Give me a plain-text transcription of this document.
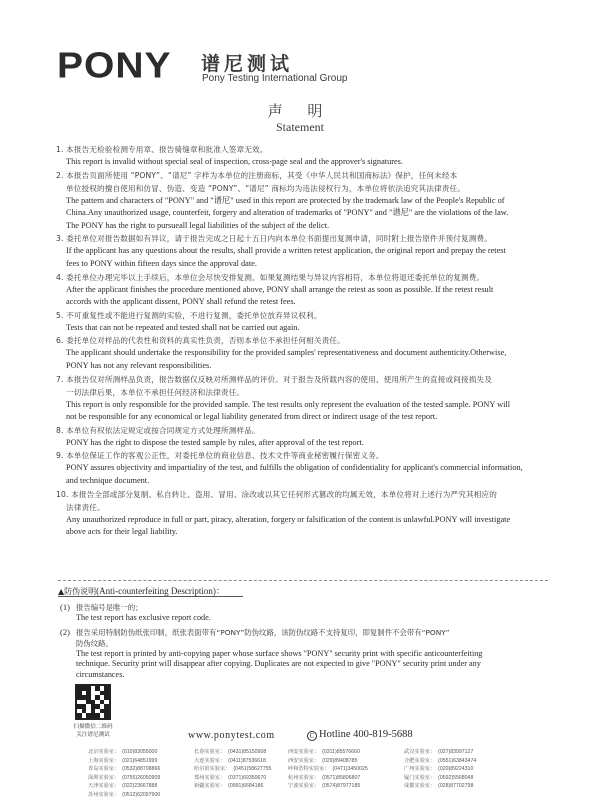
PONY 谱尼测试
Pony Testing International Group
声 明
Statement
1. 本报告无检验检测专用章、报告骑缝章和批准人签章无效。
This report is invalid without special seal of inspection, cross-page seal and the approver's signatures.
2. 本报告页面所使用 “PONY”、“谱尼” 字样为本单位的注册商标，其受《中华人民共和国商标法》保护，任何未经本
单位授权的擅自使用和仿冒、伪造、变造 “PONY”、“谱尼” 商标均为违法侵权行为，本单位将依法追究其法律责任。
The pattern and characters of "PONY" and "谱尼" used in this report are protected by the trademark law of the People's Republic of
China.Any unauthorized usage, counterfeit, forgery and alteration of trademarks of "PONY" and "谱尼" are the violations of the law.
The PONY has the right to pursueall legal liabilities of the subject of the delict.
3. 委托单位对报告数据如有异议，请于报告完成之日起十五日内向本单位书面提出复测申请，同时附上报告原件并预付复测费。
If the applicant has any questions about the results, shall provide a written retest application, the original report and prepay the retest
fees to PONY within fifteen days since the approval date.
4. 委托单位办理完毕以上手续后，本单位会尽快安排复测。如果复测结果与异议内容相符，本单位将退还委托单位的复测费。
After the applicant finishes the procedure mentioned above, PONY shall arrange the retest as soon as possible. If the retest result
accords with the applicant dissent, PONY shall refund the retest fees.
5. 不可重复性或不能进行复测的实验，不进行复测，委托单位放弃异议权利。
Tests that can not be repeated and tested shall not be carried out again.
6. 委托单位对样品的代表性和资料的真实性负责，否则本单位不承担任何相关责任。
The applicant should undertake the responsibility for the provided samples' representativeness and document authenticity.Otherwise,
PONY has not any relevant responsibilities.
7. 本报告仅对所测样品负责，报告数据仅反映对所测样品的评价。对于报告及所载内容的使用、使用所产生的直接或间接损失及
一切法律后果，本单位不承担任何经济和法律责任。
This report is only responsible for the provided sample. The test results only represent the evaluation of the tested sample. PONY will
not be responsible for any economical or legal liability generated from direct or indirect usage of the test report.
8. 本单位有权依法定规定或按合同规定方式处理所测样品。
PONY has the right to dispose the tested sample by rules, after approval of the test report.
9. 本单位保证工作的客观公正性，对委托单位的商业信息、技术文件等商业秘密履行保密义务。
PONY assures objectivity and impartiality of the test, and fulfills the obligation of confidentiality for applicant's commercial information,
and technique document.
10. 本报告全部或部分复制、私自转让、盗用、冒用、涂改或以其它任何形式篡改的均属无效，本单位将对上述行为严究其相应的
法律责任。
Any unauthorized reproduce in full or part, piracy, alteration, forgery or falsification of the content is unlawful.PONY will investigate
above acts for their legal liability.
▲防伪说明(Anti-counterfeiting Description)：
(1) 报告编号是唯一的；
The test report has exclusive report code.
(2) 报告采用特制防伪纸张印制，纸张表面带有“PONY”防伪纹路，该防伪纹路不支持复印，即复制件不会带有“PONY”
防伪纹路。
The test report is printed by anti-copying paper whose surface shows "PONY" security print with specific anticounterfeiting
technique. Security print will disappear after copying. Duplicates are not expected to give "PONY" security print under any
circumstances.
扫描微信二维码
关注谱尼测试	www.ponytest.com	C Hotline 400-819-5688
北京实验室： (010)83055000
上海实验室： (021)64851999
青岛实验室： (0532)88708866
深圳实验室： (0755)26050909
天津实验室： (022)23667888
苏州实验室： (0512)62097900
长春实验室： (0431)85150908
大连实验室： (0411)87536618
哈尔滨实验室： (0451)58627755
郑州实验室： (0371)69350670
新疆实验室： (0991)6684186
西安实验室： (0311)85576660
西安实验室： (029)89408785
呼和浩特实验室： (0471)3450025
杭州实验室： (0571)85806807
宁波实验室： (0574)87977185
武汉实验室： (027)83997127
合肥实验室： (0551)63843474
广州实验室： (020)89224310
厦门实验室： (0592)5568048
成都实验室： (028)87702798
